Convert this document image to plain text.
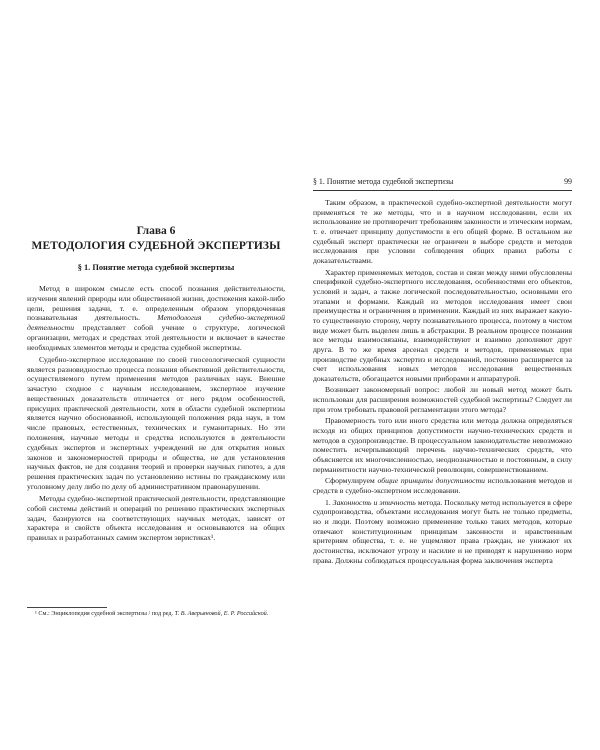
Глава 6
МЕТОДОЛОГИЯ СУДЕБНОЙ ЭКСПЕРТИЗЫ
§ 1. Понятие метода судебной экспертизы

Метод в широком смысле есть способ познания действительности, изучения явлений природы или общественной жизни, достижения какой-либо цели, решения задачи, т. е. определенным образом упорядоченная познавательная деятельность. Методология судебно-экспертной деятельности представляет собой учение о структуре, логической организации, методах и средствах этой деятельности и включает в качестве необходимых элементов методы и средства судебной экспертизы.

Судебно-экспертное исследование по своей гносеологической сущности является разновидностью процесса познания объективной действительности, осуществляемого путем применения методов различных наук. Внешне зачастую сходное с научным исследованием, экспертное изучение вещественных доказательств отличается от него рядом особенностей, присущих практической деятельности, хотя в области судебной экспертизы является научно обоснованной, использующей положения ряда наук, в том числе правовых, естественных, технических и гуманитарных. Но эти положения, научные методы и средства используются в деятельности судебных экспертов и экспертных учреждений не для открытия новых законов и закономерностей природы и общества, не для установления научных фактов, не для создания теорий и проверки научных гипотез, а для решения практических задач по установлению истины по гражданскому или уголовному делу либо по делу об административном правонарушении.

Методы судебно-экспертной практической деятельности, представляющие собой системы действий и операций по решению практических экспертных задач, базируются на соответствующих научных методах, зависят от характера и свойств объекта исследования и основываются на общих правилах и разработанных самим экспертом эвристиках¹.

¹ См.: Энциклопедия судебной экспертизы / под ред. Т. В. Аверьяновой, Е. Р. Российской.
§ 1. Понятие метода судебной экспертизы	99

Таким образом, в практической судебно-экспертной деятельности могут применяться те же методы, что и в научном исследовании, если их использование не противоречит требованиям законности и этическим нормам, т. е. отвечает принципу допустимости в его общей форме. В остальном же судебный эксперт практически не ограничен в выборе средств и методов исследования при условии соблюдения общих правил работы с доказательствами.

Характер применяемых методов, состав и связи между ними обусловлены спецификой судебно-экспертного исследования, особенностями его объектов, условий и задач, а также логической последовательностью, основными его этапами и формами. Каждый из методов исследования имеет свои преимущества и ограничения в применении. Каждый из них выражает какую-то существенную сторону, черту познавательного процесса, поэтому в чистом виде может быть выделен лишь в абстракции. В реальном процессе познания все методы взаимосвязаны, взаимодействуют и взаимно дополняют друг друга. В то же время арсенал средств и методов, применяемых при производстве судебных экспертиз и исследований, постоянно расширяется за счет использования новых методов исследования вещественных доказательств, обогащается новыми приборами и аппаратурой.

Возникает закономерный вопрос: любой ли новый метод может быть использован для расширения возможностей судебной экспертизы? Следует ли при этом требовать правовой регламентации этого метода?

Правомерность того или иного средства или метода должна определяться исходя из общих принципов допустимости научно-технических средств и методов в судопроизводстве. В процессуальном законодательстве невозможно поместить исчерпывающий перечень научно-технических средств, что объясняется их многочисленностью, неоднозначностью и постоянным, в силу перманентности научно-технической революции, совершенствованием.

Сформулируем общие принципы допустимости использования методов и средств в судебно-экспертном исследовании.

1. Законность и этичность метода. Поскольку метод используется в сфере судопроизводства, объектами исследования могут быть не только предметы, но и люди. Поэтому возможно применение только таких методов, которые отвечают конституционным принципам законности и нравственным критериям общества, т. е. не ущемляют права граждан, не унижают их достоинства, исключают угрозу и насилие и не приводят к нарушению норм права. Должны соблюдаться процессуальная форма заключения эксперта
